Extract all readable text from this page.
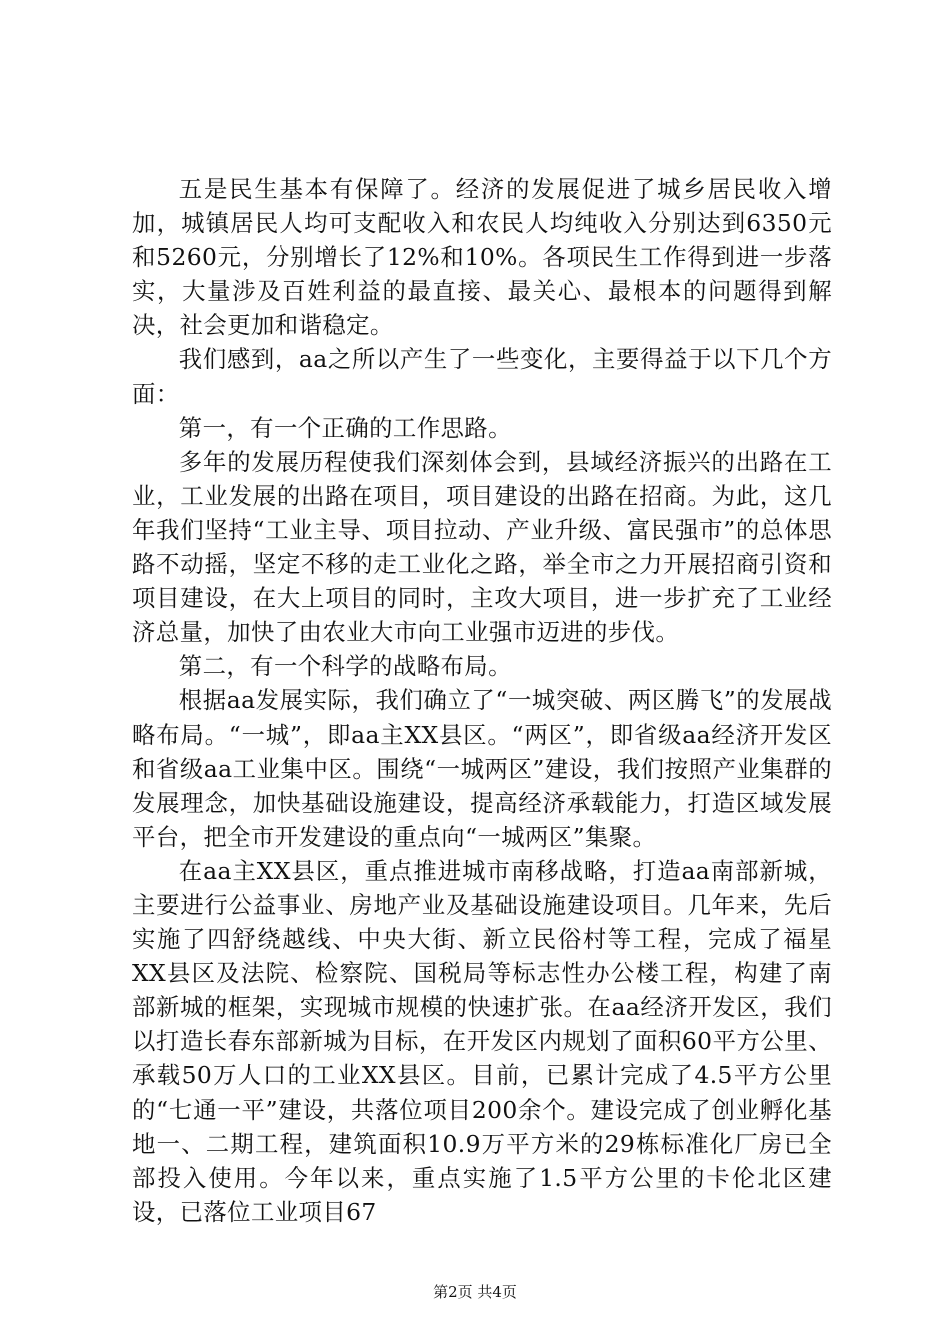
五是民生基本有保障了。经济的发展促进了城乡居民收入增加，城镇居民人均可支配收入和农民人均纯收入分别达到6350元和5260元，分别增长了12%和10%。各项民生工作得到进一步落实，大量涉及百姓利益的最直接、最关心、最根本的问题得到解决，社会更加和谐稳定。

我们感到，aa之所以产生了一些变化，主要得益于以下几个方面：

第一，有一个正确的工作思路。

多年的发展历程使我们深刻体会到，县域经济振兴的出路在工业，工业发展的出路在项目，项目建设的出路在招商。为此，这几年我们坚持“工业主导、项目拉动、产业升级、富民强市”的总体思路不动摇，坚定不移的走工业化之路，举全市之力开展招商引资和项目建设，在大上项目的同时，主攻大项目，进一步扩充了工业经济总量，加快了由农业大市向工业强市迈进的步伐。

第二，有一个科学的战略布局。

根据aa发展实际，我们确立了“一城突破、两区腾飞”的发展战略布局。“一城”，即aa主XX县区。“两区”，即省级aa经济开发区和省级aa工业集中区。围绕“一城两区”建设，我们按照产业集群的发展理念，加快基础设施建设，提高经济承载能力，打造区域发展平台，把全市开发建设的重点向“一城两区”集聚。

在aa主XX县区，重点推进城市南移战略，打造aa南部新城，主要进行公益事业、房地产业及基础设施建设项目。几年来，先后实施了四舒绕越线、中央大街、新立民俗村等工程，完成了福星XX县区及法院、检察院、国税局等标志性办公楼工程，构建了南部新城的框架，实现城市规模的快速扩张。在aa经济开发区，我们以打造长春东部新城为目标，在开发区内规划了面积60平方公里、承载50万人口的工业XX县区。目前，已累计完成了4.5平方公里的“七通一平”建设，共落位项目200余个。建设完成了创业孵化基地一、二期工程，建筑面积10.9万平方米的29栋标准化厂房已全部投入使用。今年以来，重点实施了1.5平方公里的卡伦北区建设，已落位工业项目67

第2页 共4页
